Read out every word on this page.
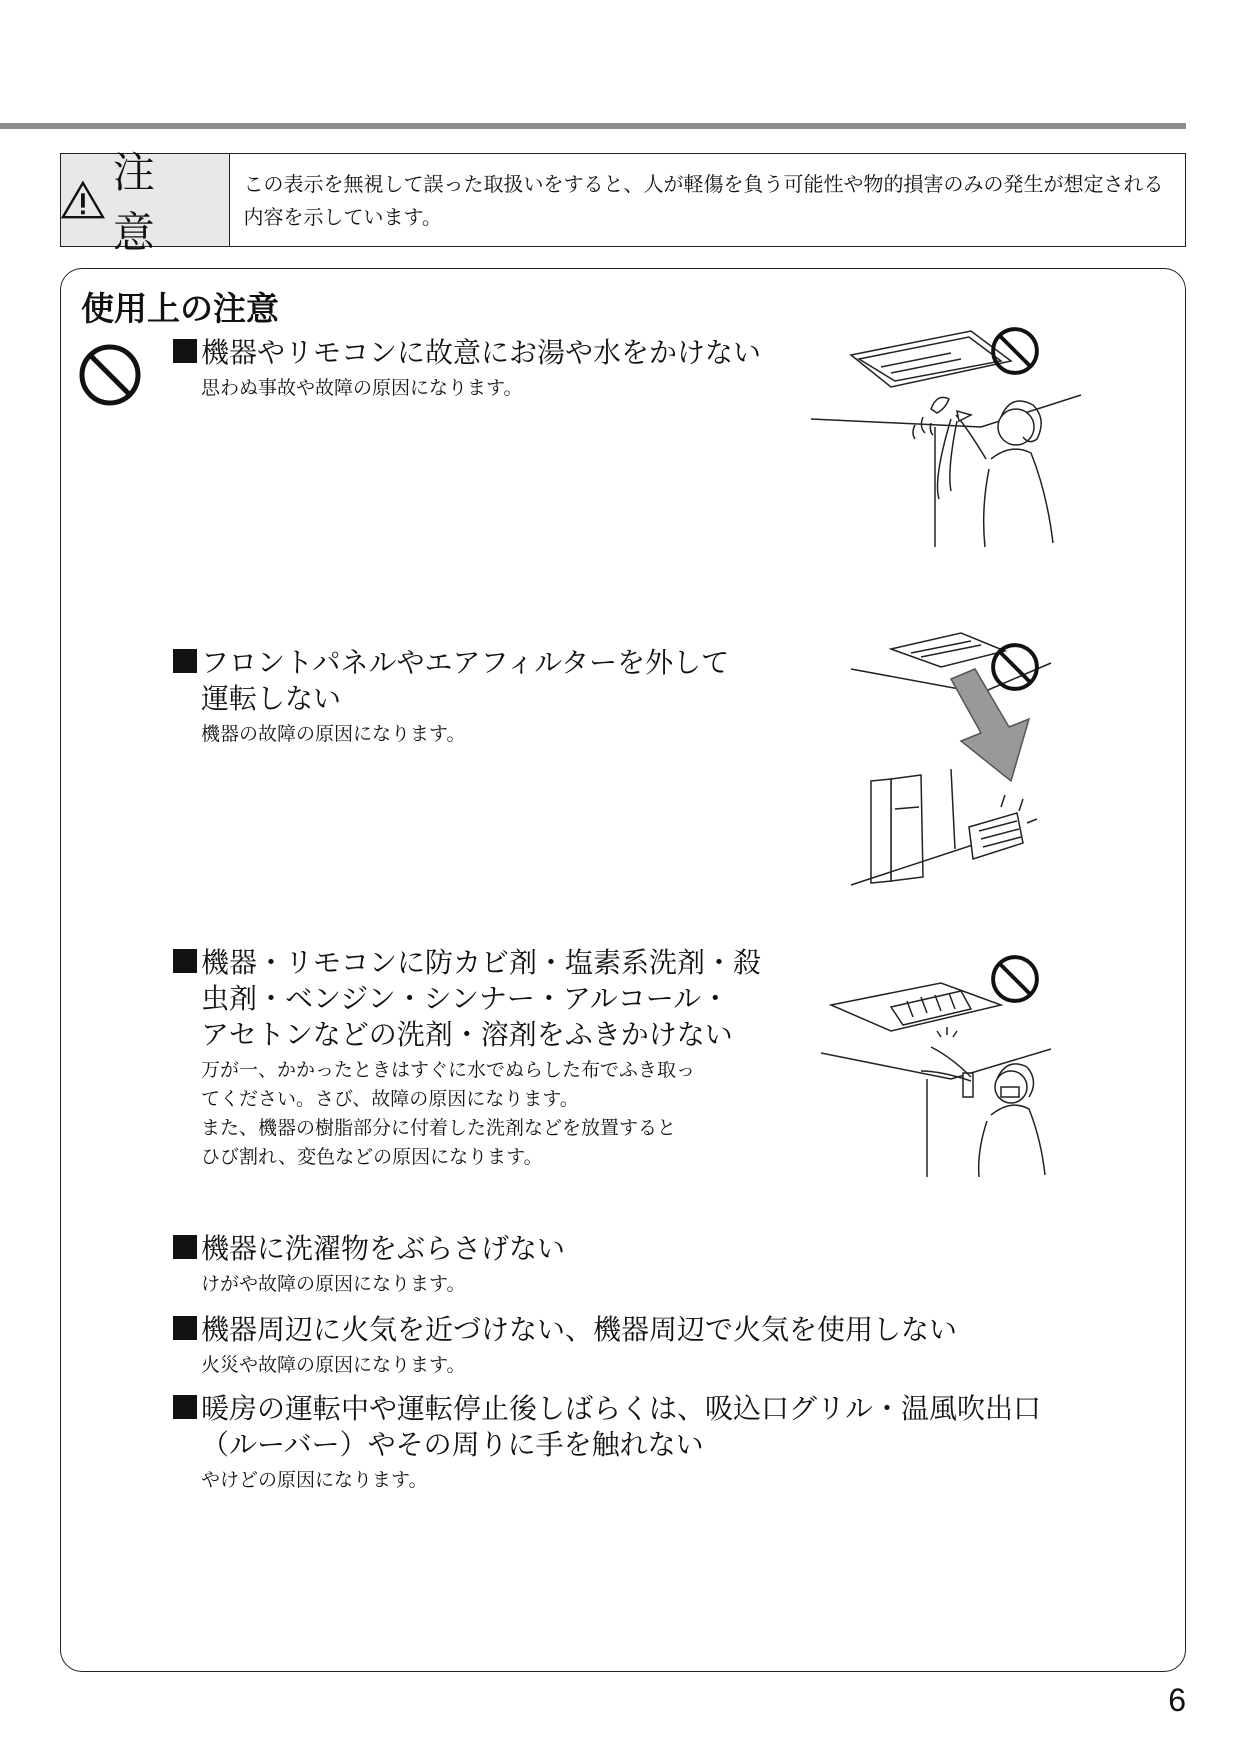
注 意
この表示を無視して誤った取扱いをすると、人が軽傷を負う可能性や物的損害のみの発生が想定される内容を示しています。
使用上の注意

機器やリモコンに故意にお湯や水をかけない

思わぬ事故や故障の原因になります。

フロントパネルやエアフィルターを外して
運転しない

機器の故障の原因になります。

機器・リモコンに防カビ剤・塩素系洗剤・殺
虫剤・ベンジン・シンナー・アルコール・
アセトンなどの洗剤・溶剤をふきかけない

万が一、かかったときはすぐに水でぬらした布でふき取っ
てください。さび、故障の原因になります。
また、機器の樹脂部分に付着した洗剤などを放置すると
ひび割れ、変色などの原因になります。

機器に洗濯物をぶらさげない

けがや故障の原因になります。

機器周辺に火気を近づけない、機器周辺で火気を使用しない

火災や故障の原因になります。

暖房の運転中や運転停止後しばらくは、吸込口グリル・温風吹出口
（ルーバー）やその周りに手を触れない

やけどの原因になります。
6
